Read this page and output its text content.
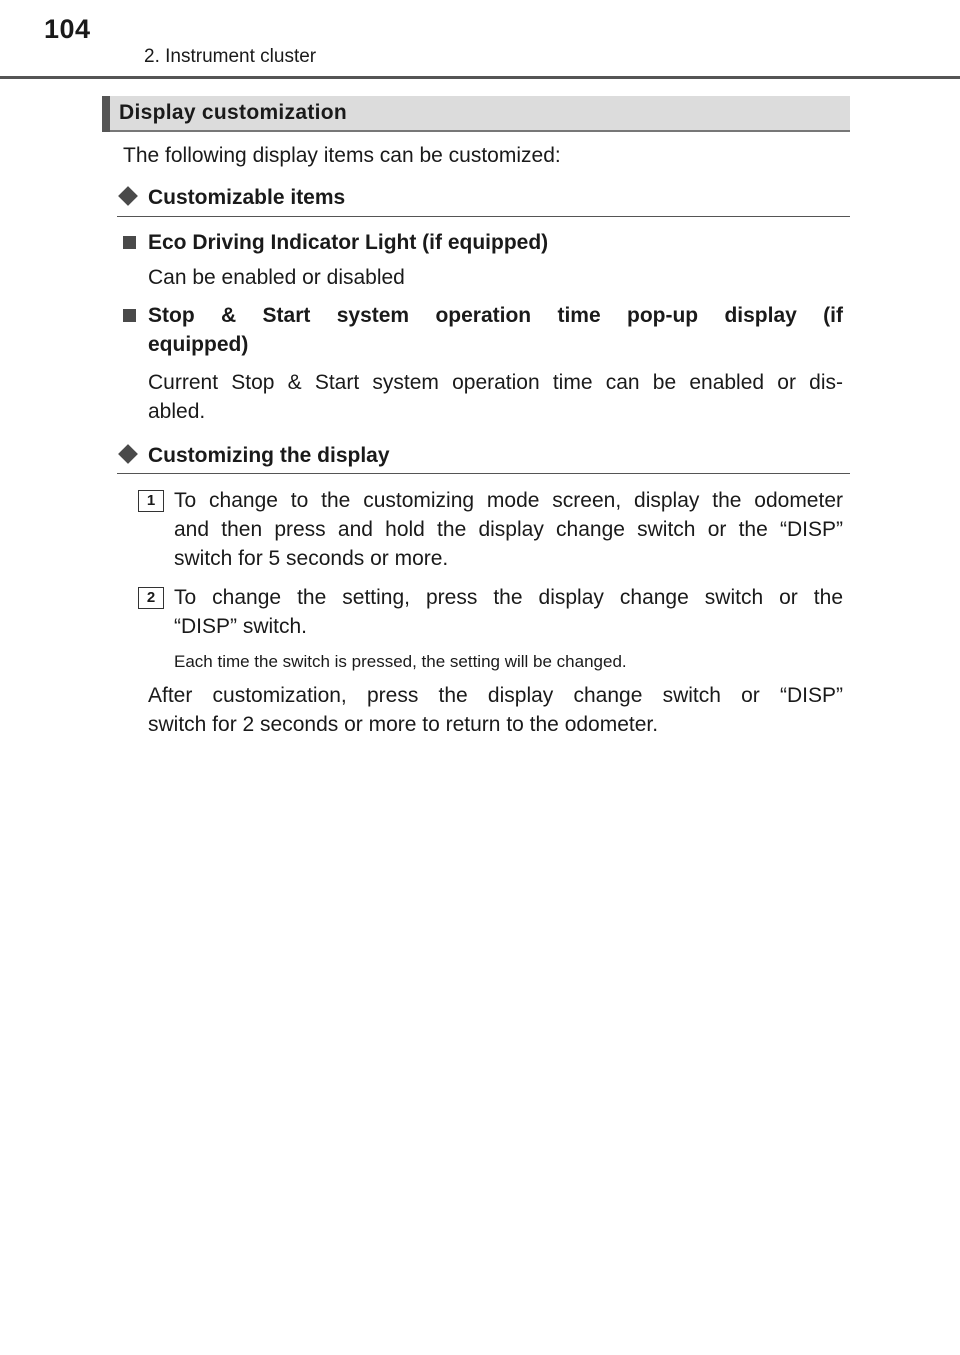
104
2. Instrument cluster
Display customization
The following display items can be customized:
Customizable items
Eco Driving Indicator Light (if equipped)
Can be enabled or disabled
Stop & Start system operation time pop-up display (if
equipped)
Current Stop & Start system operation time can be enabled or dis-
abled.
Customizing the display
1 To change to the customizing mode screen, display the odometer
and then press and hold the display change switch or the “DISP”
switch for 5 seconds or more.
2 To change the setting, press the display change switch or the
“DISP” switch.
Each time the switch is pressed, the setting will be changed.
After customization, press the display change switch or “DISP”
switch for 2 seconds or more to return to the odometer.
